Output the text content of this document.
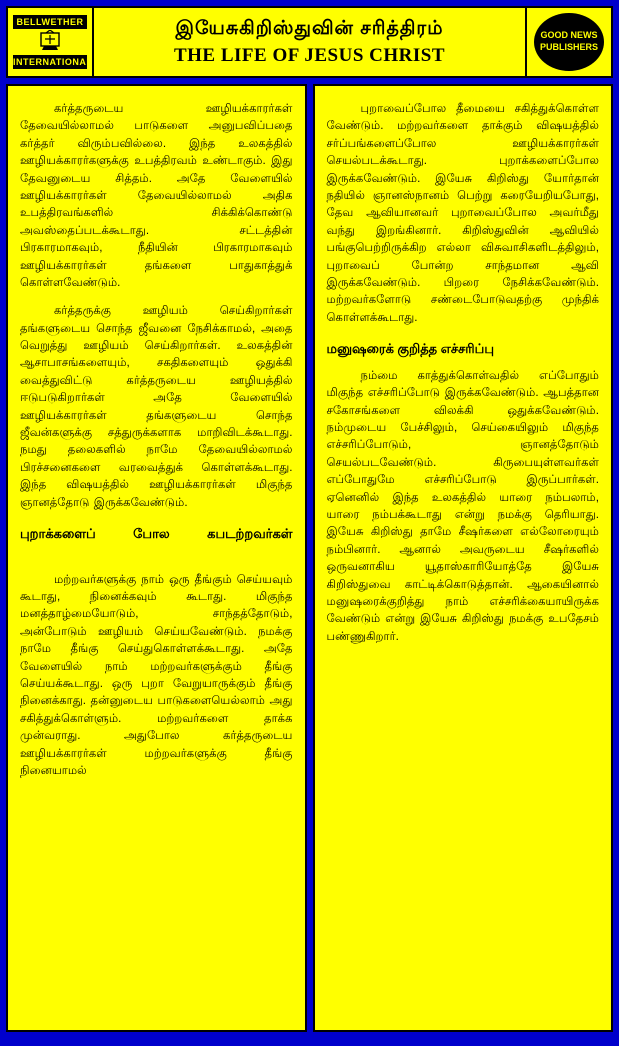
BELLWETHER
INTERNATIONAL
இயேசுகிறிஸ்துவின் சரித்திரம்
THE LIFE OF JESUS CHRIST
GOOD NEWS
PUBLISHERS

கர்த்தருடைய ஊழியக்காரர்கள் தேவையில்லாமல் பாடுகளை அனுபவிப்பதை கர்த்தர் விரும்பவில்லை. இந்த உலகத்தில் ஊழியக்காரர்களுக்கு உபத்திரவம் உண்டாகும். இது தேவனுடைய சித்தம். அதே வேளையில் ஊழியக்காரர்கள் தேவையில்லாமல் அதிக உபத்திரவங்களில் சிக்கிக்கொண்டு அவஸ்தைப்படக்கூடாது. சட்டத்தின் பிரகாரமாகவும், நீதியின் பிரகாரமாகவும் ஊழியக்காரர்கள் தங்களை பாதுகாத்துக் கொள்ளவேண்டும்.

கர்த்தருக்கு ஊழியம் செய்கிறார்கள் தங்களுடைய சொந்த ஜீவனை நேசிக்காமல், அதை வெறுத்து ஊழியம் செய்கிறார்கள். உலகத்தின் ஆசாபாசங்களையும், சகதிகளையும் ஒதுக்கி வைத்துவிட்டு கர்த்தருடைய ஊழியத்தில் ஈடுபடுகிறார்கள் அதே வேளையில் ஊழியக்காரர்கள் தங்களுடைய சொந்த ஜீவன்களுக்கு சத்துருக்களாக மாறிவிடக்கூடாது. நமது தலைகளில் நாமே தேவையில்லாமல் பிரச்சனைகளை வரவைத்துக் கொள்ளக்கூடாது. இந்த விஷயத்தில் ஊழியக்காரர்கள் மிகுந்த ஞானத்தோடு இருக்கவேண்டும்.

புறாக்களைப் போல கபடற்றவர்கள்

மற்றவர்களுக்கு நாம் ஒரு தீங்கும் செய்யவும் கூடாது, நினைக்கவும் கூடாது. மிகுந்த மனத்தாழ்மையோடும், சாந்தத்தோடும், அன்போடும் ஊழியம் செய்யவேண்டும். நமக்கு நாமே தீங்கு செய்துகொள்ளக்கூடாது. அதே வேளையில் நாம் மற்றவர்களுக்கும் தீங்கு செய்யக்கூடாது. ஒரு புறா வேறுயாருக்கும் தீங்கு நினைக்காது. தன்னுடைய பாடுகளையெல்லாம் அது சகித்துக்கொள்ளும். மற்றவர்களை தாக்க முன்வராது. அதுபோல கர்த்தருடைய ஊழியக்காரர்கள் மற்றவர்களுக்கு தீங்கு நினையாமல்

புறாவைப்போல தீமையை சகித்துக்கொள்ள வேண்டும். மற்றவர்களை தாக்கும் விஷயத்தில் சர்ப்பங்களைப்போல ஊழியக்காரர்கள் செயல்படக்கூடாது. புறாக்களைப்போல இருக்கவேண்டும். இயேசு கிறிஸ்து யோர்தான் நதியில் ஞானஸ்நானம் பெற்று கரையேறியபோது, தேவ ஆவியானவர் புறாவைப்போல அவர்மீது வந்து இறங்கினார். கிறிஸ்துவின் ஆவியில் பங்குபெற்றிருக்கிற எல்லா விசுவாசிகளிடத்திலும், புறாவைப் போன்ற சாந்தமான ஆவி இருக்கவேண்டும். பிறரை நேசிக்கவேண்டும். மற்றவர்களோடு சண்டைபோடுவதற்கு முந்திக் கொள்ளக்கூடாது.

மனுஷரைக் குறித்த எச்சரிப்பு

நம்மை காத்துக்கொள்வதில் எப்போதும் மிகுந்த எச்சரிப்போடு இருக்கவேண்டும். ஆபத்தான சகோசங்களை விலக்கி ஒதுக்கவேண்டும். நம்முடைய பேச்சிலும், செய்கையிலும் மிகுந்த எச்சரிப்போடும், ஞானத்தோடும் செயல்படவேண்டும். கிருபையுள்ளவர்கள் எப்போதுமே எச்சரிப்போடு இருப்பார்கள். ஏனெனில் இந்த உலகத்தில் யாரை நம்பலாம், யாரை நம்பக்கூடாது என்று நமக்கு தெரியாது. இயேசு கிறிஸ்து தாமே சீஷர்களை எல்லோரையும் நம்பினார். ஆனால் அவருடைய சீஷர்களில் ஒருவனாகிய யூதாஸ்காரியோத்தே இயேசு கிறிஸ்துவை காட்டிக்கொடுத்தான். ஆகையினால் மனுஷரைக்குறித்து நாம் எச்சரிக்கையாயிருக்க வேண்டும் என்று இயேசு கிறிஸ்து நமக்கு உபதேசம் பண்ணுகிறார்.
